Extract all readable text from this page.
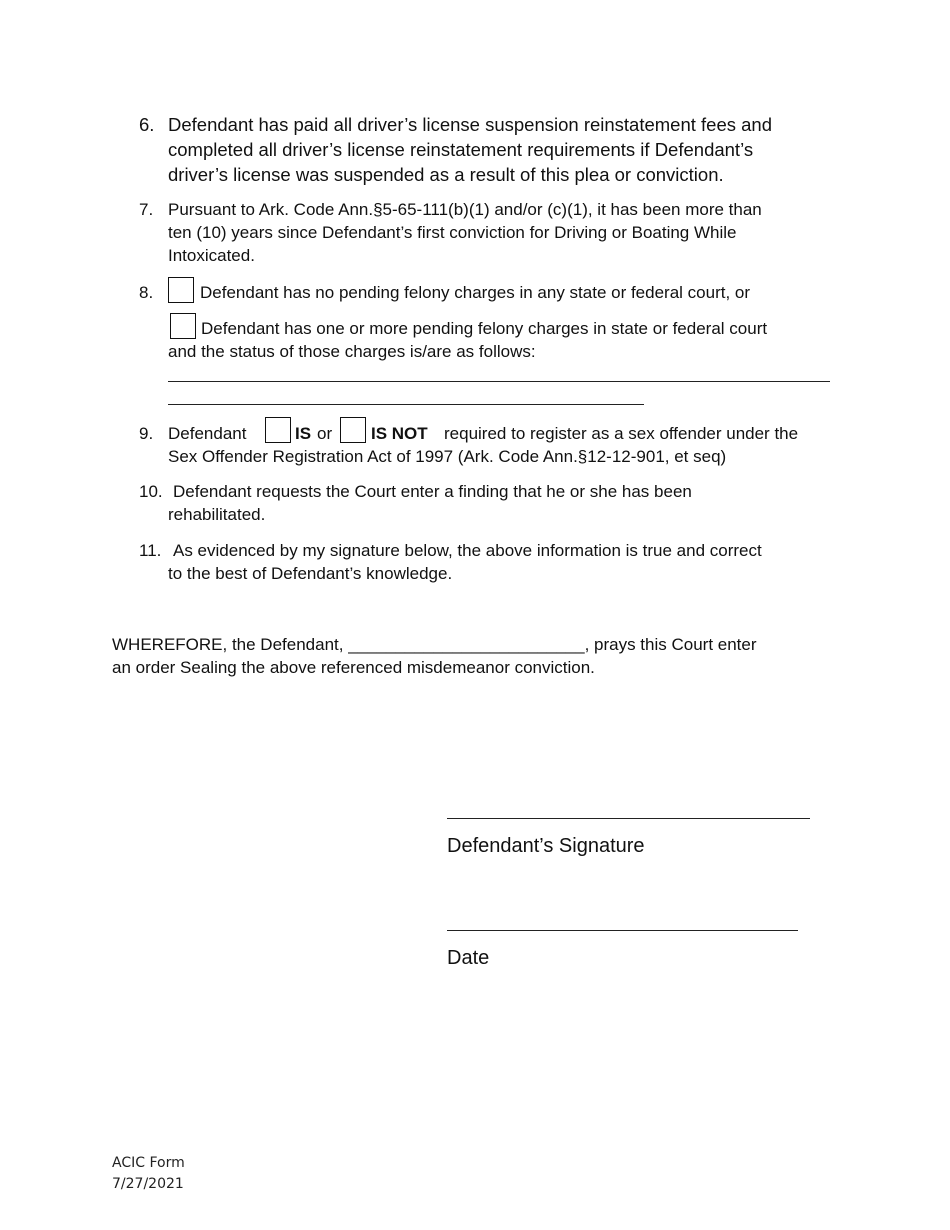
6. Defendant has paid all driver’s license suspension reinstatement fees and
completed all driver’s license reinstatement requirements if Defendant’s
driver’s license was suspended as a result of this plea or conviction.
7. Pursuant to Ark. Code Ann.§5-65-111(b)(1) and/or (c)(1), it has been more than
ten (10) years since Defendant’s first conviction for Driving or Boating While
Intoxicated.
8.	Defendant has no pending felony charges in any state or federal court, or
Defendant has one or more pending felony charges in state or federal court
and the status of those charges is/are as follows:
9. Defendant	IS or IS NOT required to register as a sex offender under the
Sex Offender Registration Act of 1997 (Ark. Code Ann.§12-12-901, et seq)
10. Defendant requests the Court enter a finding that he or she has been
rehabilitated.
11. As evidenced by my signature below, the above information is true and correct
to the best of Defendant’s knowledge.
WHEREFORE, the Defendant, _________________________, prays this Court enter
an order Sealing the above referenced misdemeanor conviction.
Defendant’s Signature
Date
ACIC Form
7/27/2021
